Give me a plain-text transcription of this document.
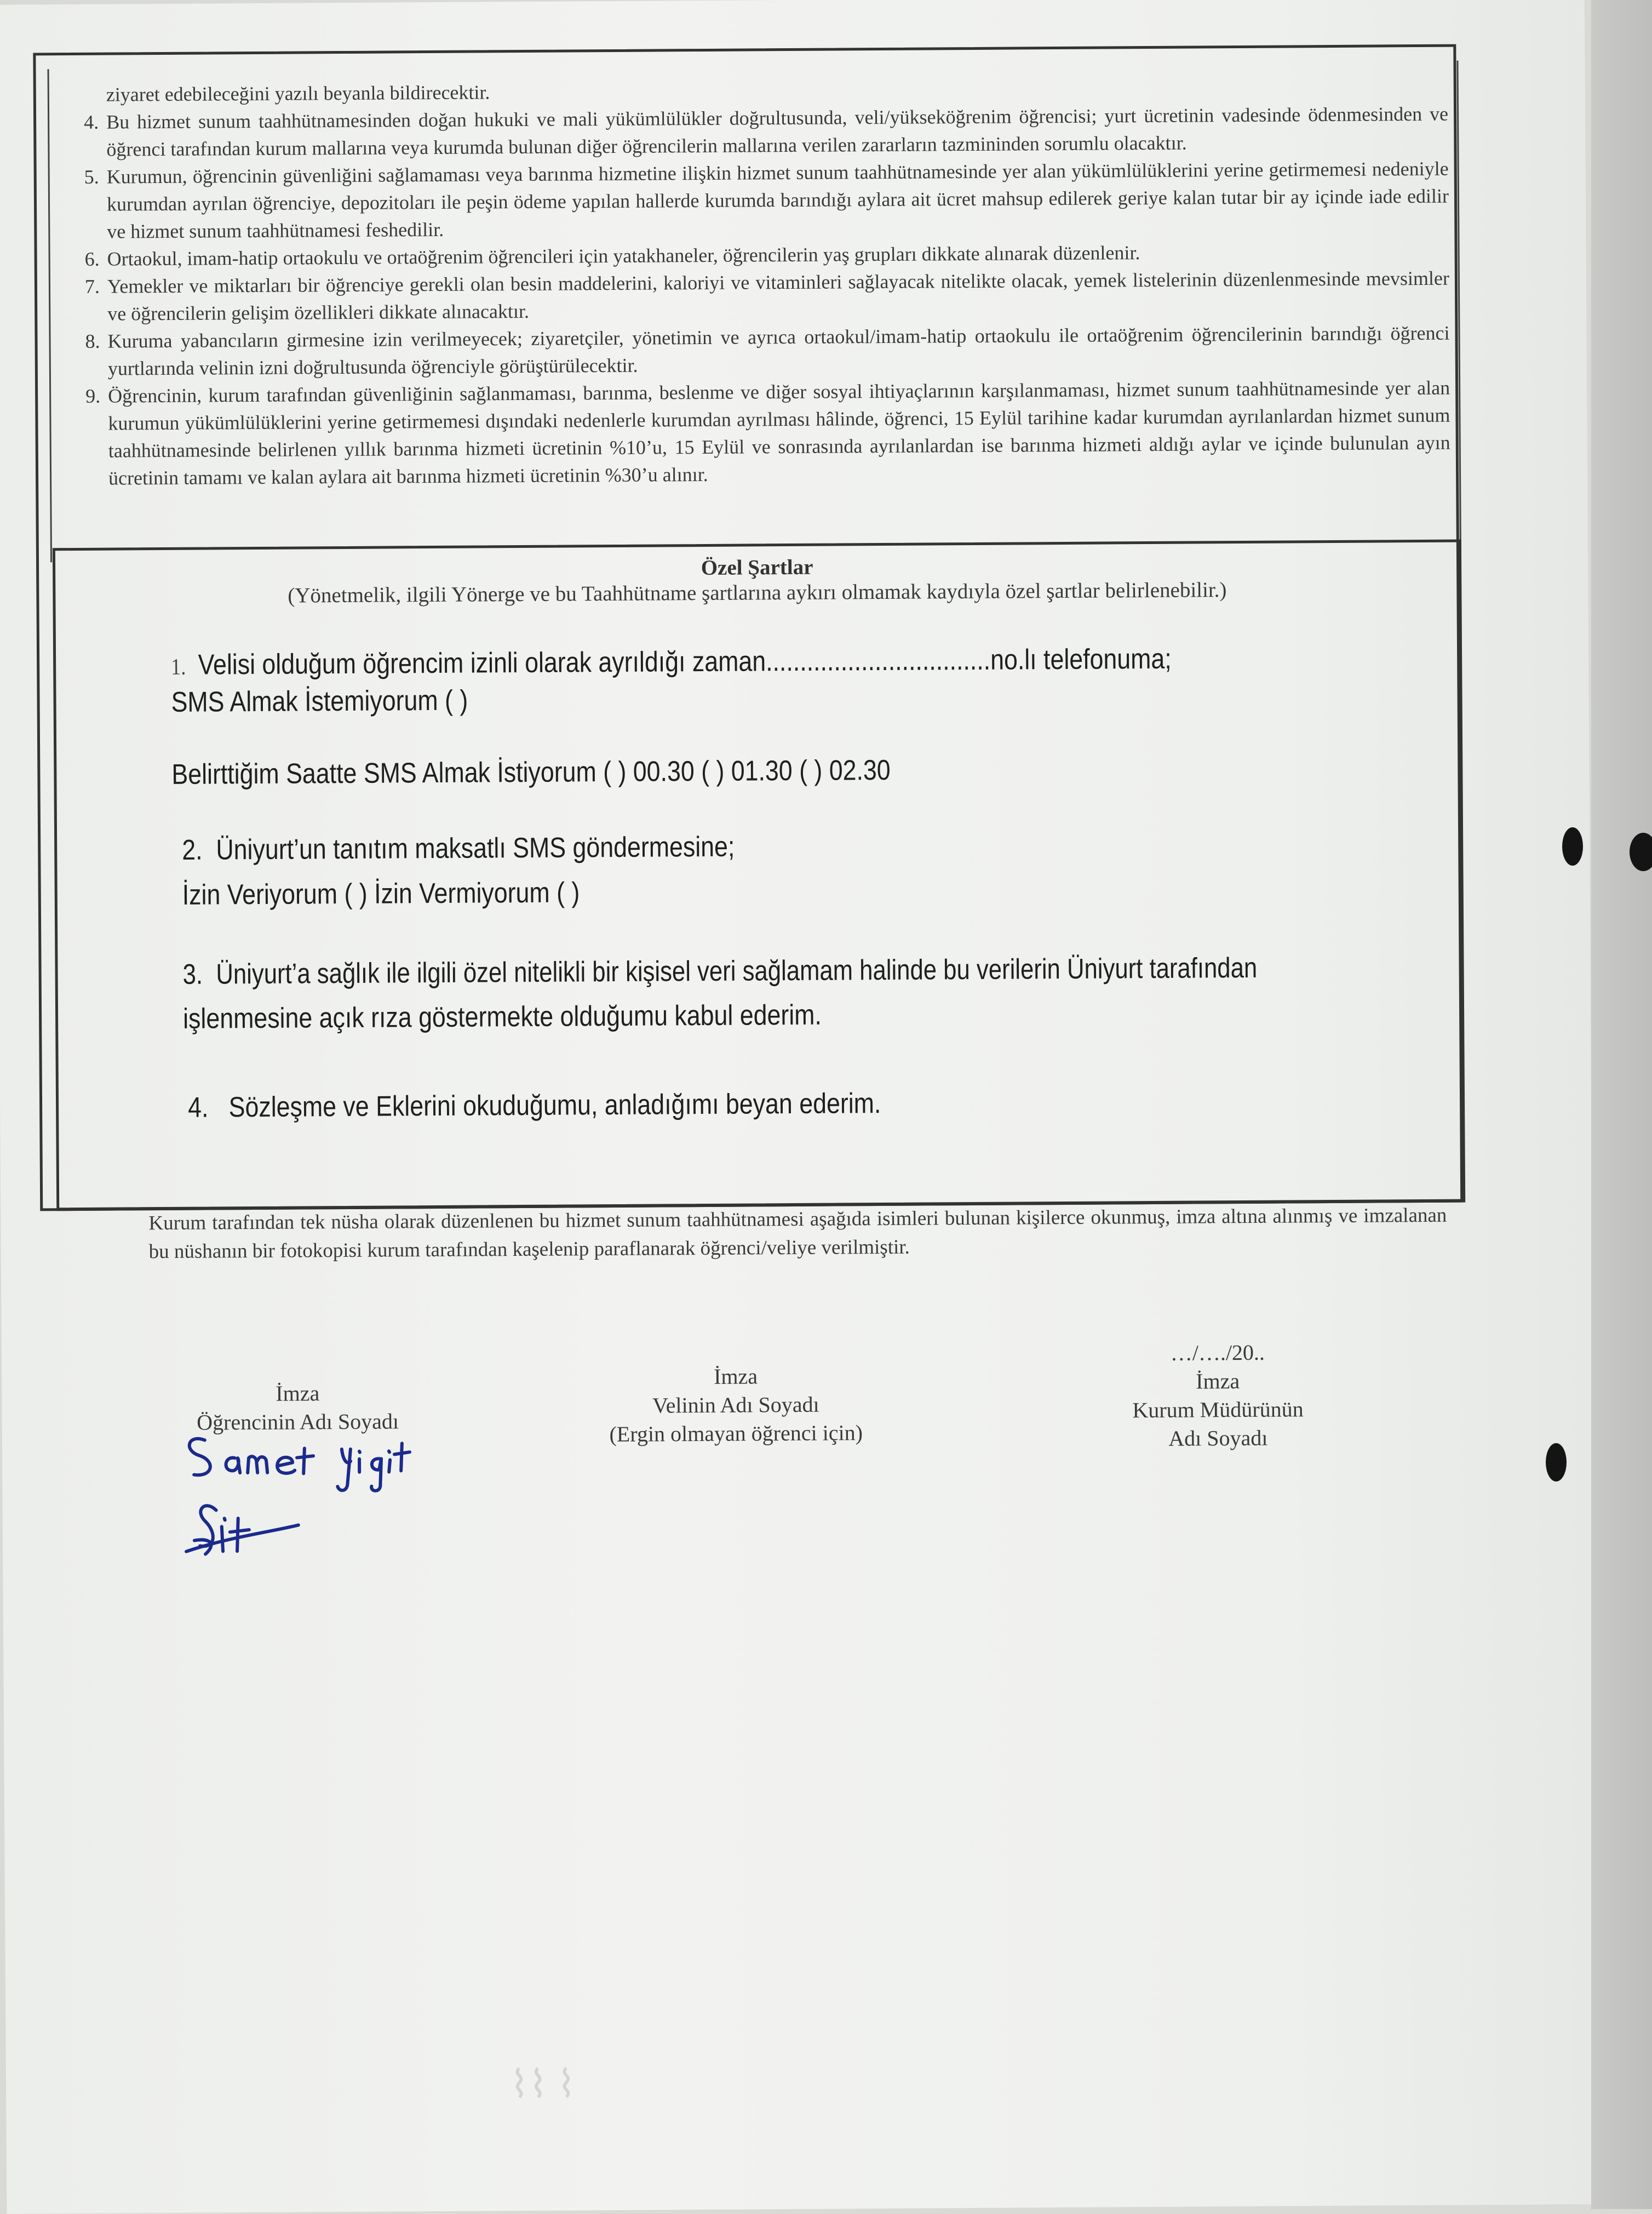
ziyaret edebileceğini yazılı beyanla bildirecektir.
4. Bu hizmet sunum taahhütnamesinden doğan hukuki ve mali yükümlülükler doğrultusunda, veli/yükseköğrenim öğrencisi; yurt ücretinin vadesinde ödenmesinden ve öğrenci tarafından kurum mallarına veya kurumda bulunan diğer öğrencilerin mallarına verilen zararların tazmininden sorumlu olacaktır.
5. Kurumun, öğrencinin güvenliğini sağlamaması veya barınma hizmetine ilişkin hizmet sunum taahhütnamesinde yer alan yükümlülüklerini yerine getirmemesi nedeniyle kurumdan ayrılan öğrenciye, depozitoları ile peşin ödeme yapılan hallerde kurumda barındığı aylara ait ücret mahsup edilerek geriye kalan tutar bir ay içinde iade edilir ve hizmet sunum taahhütnamesi feshedilir.
6. Ortaokul, imam-hatip ortaokulu ve ortaöğrenim öğrencileri için yatakhaneler, öğrencilerin yaş grupları dikkate alınarak düzenlenir.
7. Yemekler ve miktarları bir öğrenciye gerekli olan besin maddelerini, kaloriyi ve vitaminleri sağlayacak nitelikte olacak, yemek listelerinin düzenlenmesinde mevsimler ve öğrencilerin gelişim özellikleri dikkate alınacaktır.
8. Kuruma yabancıların girmesine izin verilmeyecek; ziyaretçiler, yönetimin ve ayrıca ortaokul/imam-hatip ortaokulu ile ortaöğrenim öğrencilerinin barındığı öğrenci yurtlarında velinin izni doğrultusunda öğrenciyle görüştürülecektir.
9. Öğrencinin, kurum tarafından güvenliğinin sağlanmaması, barınma, beslenme ve diğer sosyal ihtiyaçlarının karşılanmaması, hizmet sunum taahhütnamesinde yer alan kurumun yükümlülüklerini yerine getirmemesi dışındaki nedenlerle kurumdan ayrılması hâlinde, öğrenci, 15 Eylül tarihine kadar kurumdan ayrılanlardan hizmet sunum taahhütnamesinde belirlenen yıllık barınma hizmeti ücretinin %10’u, 15 Eylül ve sonrasında ayrılanlardan ise barınma hizmeti aldığı aylar ve içinde bulunulan ayın ücretinin tamamı ve kalan aylara ait barınma hizmeti ücretinin %30’u alınır.
Özel Şartlar
(Yönetmelik, ilgili Yönerge ve bu Taahhütname şartlarına aykırı olmamak kaydıyla özel şartlar belirlenebilir.)
1. Velisi olduğum öğrencim izinli olarak ayrıldığı zaman.................................no.lı telefonuma;
SMS Almak İstemiyorum ( )
Belirttiğim Saatte SMS Almak İstiyorum ( ) 00.30 ( ) 01.30 ( ) 02.30
2. Üniyurt’un tanıtım maksatlı SMS göndermesine;
İzin Veriyorum ( ) İzin Vermiyorum ( )
3. Üniyurt’a sağlık ile ilgili özel nitelikli bir kişisel veri sağlamam halinde bu verilerin Üniyurt tarafından
işlenmesine açık rıza göstermekte olduğumu kabul ederim.
4. Sözleşme ve Eklerini okuduğumu, anladığımı beyan ederim.
Kurum tarafından tek nüsha olarak düzenlenen bu hizmet sunum taahhütnamesi aşağıda isimleri bulunan kişilerce okunmuş, imza altına alınmış ve imzalanan bu nüshanın bir fotokopisi kurum tarafından kaşelenip paraflanarak öğrenci/veliye verilmiştir.
İmza
Öğrencinin Adı Soyadı
İmza
Velinin Adı Soyadı
(Ergin olmayan öğrenci için)
…/…./20..
İmza
Kurum Müdürünün
Adı Soyadı
⌇⌇ ⌇
